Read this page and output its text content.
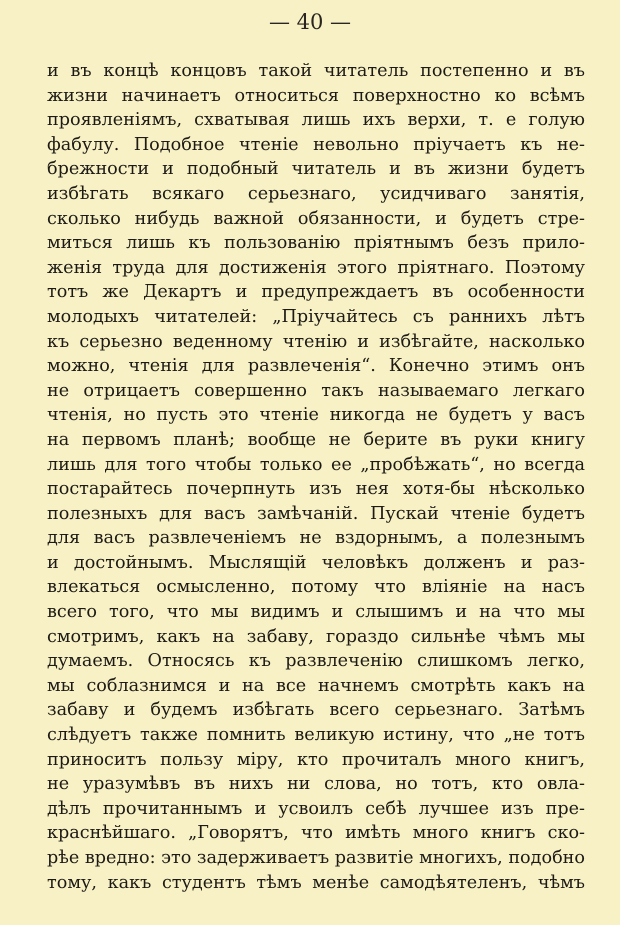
— 40 —
и въ концѣ концовъ такой читатель постепенно и въ
жизни начинаетъ относиться поверхностно ко всѣмъ
проявленіямъ, схватывая лишь ихъ верхи, т. е голую
фабулу. Подобное чтеніе невольно пріучаетъ къ не-
брежности и подобный читатель и въ жизни будетъ
избѣгать всякаго серьезнаго, усидчиваго занятія,
сколько нибудь важной обязанности, и будетъ стре-
миться лишь къ пользованію пріятнымъ безъ прило-
женія труда для достиженія этого пріятнаго. Поэтому
тотъ же Декартъ и предупреждаетъ въ особенности
молодыхъ читателей: „Пріучайтесь съ раннихъ лѣтъ
къ серьезно веденному чтенію и избѣгайте, насколько
можно, чтенія для развлеченія“. Конечно этимъ онъ
не отрицаетъ совершенно такъ называемаго легкаго
чтенія, но пусть это чтеніе никогда не будетъ у васъ
на первомъ планѣ; вообще не берите въ руки книгу
лишь для того чтобы только ее „пробѣжать“, но всегда
постарайтесь почерпнуть изъ нея хотя-бы нѣсколько
полезныхъ для васъ замѣчаній. Пускай чтеніе будетъ
для васъ развлеченіемъ не вздорнымъ, а полезнымъ
и достойнымъ. Мыслящій человѣкъ долженъ и раз-
влекаться осмысленно, потому что вліяніе на насъ
всего того, что мы видимъ и слышимъ и на что мы
смотримъ, какъ на забаву, гораздо сильнѣе чѣмъ мы
думаемъ. Относясь къ развлеченію слишкомъ легко,
мы соблазнимся и на все начнемъ смотрѣть какъ на
забаву и будемъ избѣгать всего серьезнаго. Затѣмъ
слѣдуетъ также помнить великую истину, что „не тотъ
приноситъ пользу міру, кто прочиталъ много книгъ,
не уразумѣвъ въ нихъ ни слова, но тотъ, кто овла-
дѣлъ прочитаннымъ и усвоилъ себѣ лучшее изъ пре-
краснѣйшаго. „Говорятъ, что имѣть много книгъ ско-
рѣе вредно: это задерживаетъ развитіе многихъ, подобно
тому, какъ студентъ тѣмъ менѣе самодѣятеленъ, чѣмъ
